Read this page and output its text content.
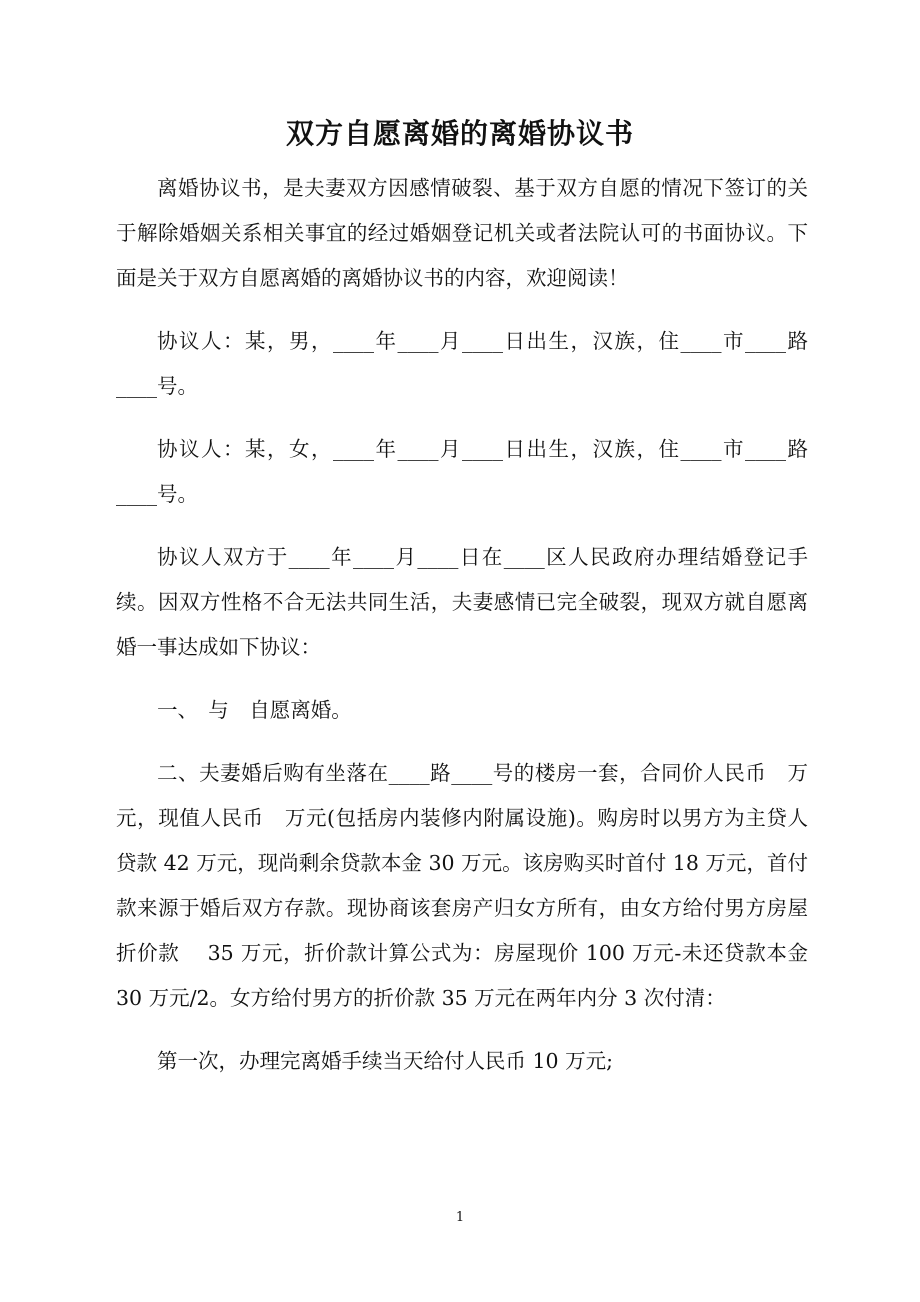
双方自愿离婚的离婚协议书

离婚协议书，是夫妻双方因感情破裂、基于双方自愿的情况下签订的关于解除婚姻关系相关事宜的经过婚姻登记机关或者法院认可的书面协议。下面是关于双方自愿离婚的离婚协议书的内容，欢迎阅读！

协议人：某，男，____年____月____日出生，汉族，住____市____路____号。

协议人：某，女，____年____月____日出生，汉族，住____市____路____号。

协议人双方于____年____月____日在____区人民政府办理结婚登记手续。因双方性格不合无法共同生活，夫妻感情已完全破裂，现双方就自愿离婚一事达成如下协议：

一、　与　自愿离婚。

二、夫妻婚后购有坐落在____路____号的楼房一套，合同价人民币　万元，现值人民币　万元(包括房内装修内附属设施)。购房时以男方为主贷人贷款 42 万元，现尚剩余贷款本金 30 万元。该房购买时首付 18 万元，首付款来源于婚后双方存款。现协商该套房产归女方所有，由女方给付男方房屋折价款　 35 万元，折价款计算公式为：房屋现价 100 万元-未还贷款本金 30 万元/2。女方给付男方的折价款 35 万元在两年内分 3 次付清：

第一次，办理完离婚手续当天给付人民币 10 万元;

1
